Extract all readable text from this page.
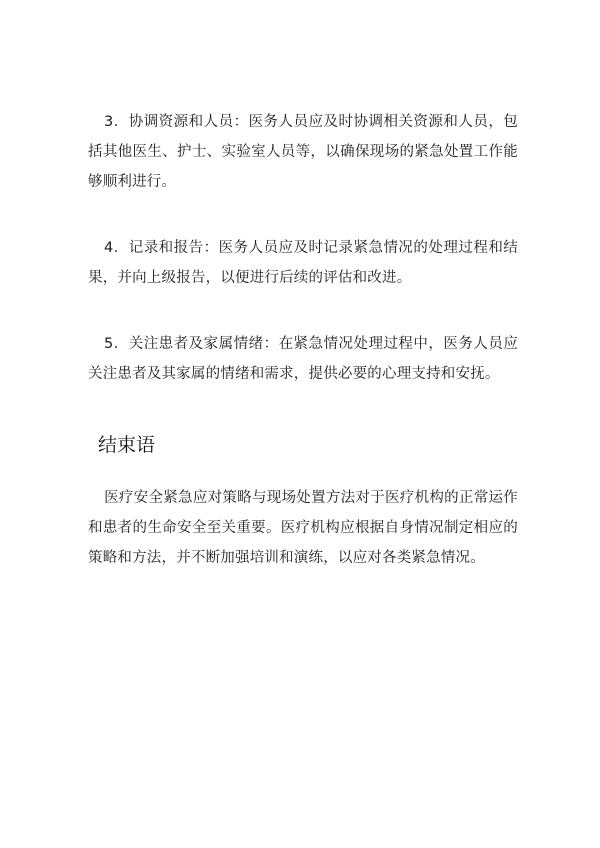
3．协调资源和人员：医务人员应及时协调相关资源和人员，包括其他医生、护士、实验室人员等，以确保现场的紧急处置工作能够顺利进行。

4．记录和报告：医务人员应及时记录紧急情况的处理过程和结果，并向上级报告，以便进行后续的评估和改进。

5．关注患者及家属情绪：在紧急情况处理过程中，医务人员应关注患者及其家属的情绪和需求，提供必要的心理支持和安抚。

结束语

医疗安全紧急应对策略与现场处置方法对于医疗机构的正常运作和患者的生命安全至关重要。医疗机构应根据自身情况制定相应的策略和方法，并不断加强培训和演练，以应对各类紧急情况。
